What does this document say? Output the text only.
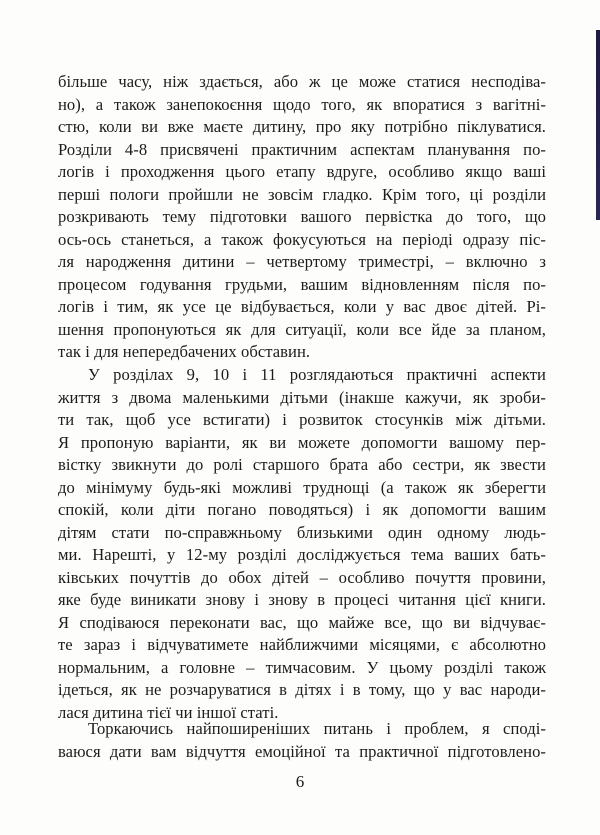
більше часу, ніж здається, або ж це може статися несподіва-
но), а також занепокоєння щодо того, як впоратися з вагітні-
стю, коли ви вже маєте дитину, про яку потрібно піклуватися.
Розділи 4-8 присвячені практичним аспектам планування по-
логів і проходження цього етапу вдруге, особливо якщо ваші
перші пологи пройшли не зовсім гладко. Крім того, ці розділи
розкривають тему підготовки вашого первістка до того, що
ось-ось станеться, а також фокусуються на періоді одразу піс-
ля народження дитини – четвертому триместрі, – включно з
процесом годування грудьми, вашим відновленням після по-
логів і тим, як усе це відбувається, коли у вас двоє дітей. Рі-
шення пропонуються як для ситуації, коли все йде за планом,
так і для непередбачених обставин.
У розділах 9, 10 і 11 розглядаються практичні аспекти
життя з двома маленькими дітьми (інакше кажучи, як зроби-
ти так, щоб усе встигати) і розвиток стосунків між дітьми.
Я пропоную варіанти, як ви можете допомогти вашому пер-
вістку звикнути до ролі старшого брата або сестри, як звести
до мінімуму будь-які можливі труднощі (а також як зберегти
спокій, коли діти погано поводяться) і як допомогти вашим
дітям стати по-справжньому близькими один одному людь-
ми. Нарешті, у 12-му розділі досліджується тема ваших бать-
ківських почуттів до обох дітей – особливо почуття провини,
яке буде виникати знову і знову в процесі читання цієї книги.
Я сподіваюся переконати вас, що майже все, що ви відчуває-
те зараз і відчуватимете найближчими місяцями, є абсолютно
нормальним, а головне – тимчасовим. У цьому розділі також
ідеться, як не розчаруватися в дітях і в тому, що у вас народи-
лася дитина тієї чи іншої статі.
Торкаючись найпоширеніших питань і проблем, я сподi-
ваюся дати вам відчуття емоційної та практичної підготовлено-
6
